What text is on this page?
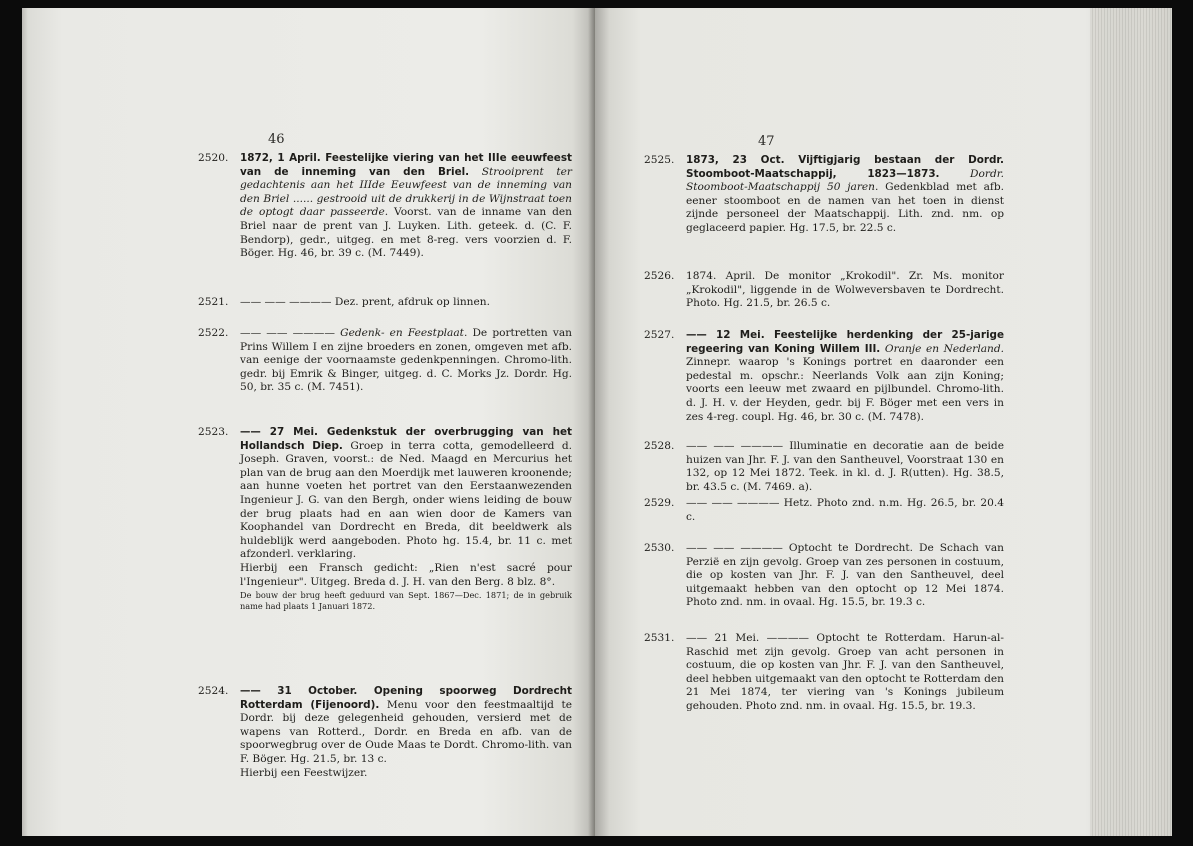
46
2520. 1872, 1 April. Feestelijke viering van het IIIe eeuwfeest van de inneming van den Briel. Strooiprent ter gedachtenis aan het IIIde Eeuwfeest van de inneming van den Briel ...... gestrooid uit de drukkerij in de Wijnstraat toen de optogt daar passeerde. Voorst. van de inname van den Briel naar de prent van J. Luyken. Lith. geteek. d. (C. F. Bendorp), gedr., uitgeg. en met 8-reg. vers voorzien d. F. Böger. Hg. 46, br. 39 c. (M. 7449).
2521. —— —— ———— Dez. prent, afdruk op linnen.
2522. —— —— ———— Gedenk- en Feestplaat. De portretten van Prins Willem I en zijne broeders en zonen, omgeven met afb. van eenige der voornaamste gedenkpenningen. Chromo-lith. gedr. bij Emrik & Binger, uitgeg. d. C. Morks Jz. Dordr. Hg. 50, br. 35 c. (M. 7451).
2523. —— 27 Mei. Gedenkstuk der overbrugging van het Hollandsch Diep. Groep in terra cotta, gemodelleerd d. Joseph. Graven, voorst.: de Ned. Maagd en Mercurius het plan van de brug aan den Moerdijk met lauweren kroonende; aan hunne voeten het portret van den Eerstaanwezenden Ingenieur J. G. van den Bergh, onder wiens leiding de bouw der brug plaats had en aan wien door de Kamers van Koophandel van Dordrecht en Breda, dit beeldwerk als huldeblijk werd aangeboden. Photo hg. 15.4, br. 11 c. met afzonderl. verklaring.
Hierbij een Fransch gedicht: „Rien n'est sacré pour l'Ingenieur". Uitgeg. Breda d. J. H. van den Berg. 8 blz. 8°.
De bouw der brug heeft geduurd van Sept. 1867—Dec. 1871; de in gebruik name had plaats 1 Januari 1872.
2524. —— 31 October. Opening spoorweg Dordrecht Rotterdam (Fijenoord). Menu voor den feestmaaltijd te Dordr. bij deze gelegenheid gehouden, versierd met de wapens van Rotterd., Dordr. en Breda en afb. van de spoorwegbrug over de Oude Maas te Dordt. Chromo-lith. van F. Böger. Hg. 21.5, br. 13 c.
Hierbij een Feestwijzer.
47
2525. 1873, 23 Oct. Vijftigjarig bestaan der Dordr. Stoomboot-Maatschappij, 1823—1873.	Dordr. Stoomboot-Maatschappij 50 jaren. Gedenkblad met afb. eener stoomboot en de namen van het toen in dienst zijnde personeel der Maatschappij. Lith. znd. nm. op geglaceerd papier. Hg. 17.5, br. 22.5 c.
2526. 1874. April. De monitor „Krokodil". Zr. Ms. monitor „Krokodil", liggende in de Wolweversbaven te Dordrecht. Photo. Hg. 21.5, br. 26.5 c.
2527. —— 12 Mei. Feestelijke herdenking der 25-jarige regeering van Koning Willem III. Oranje en Nederland. Zinnepr. waarop 's Konings portret en daaronder een pedestal m. opschr.: Neerlands Volk aan zijn Koning; voorts een leeuw met zwaard en pijlbundel. Chromo-lith. d. J. H. v. der Heyden, gedr. bij F. Böger met een vers in zes 4-reg. coupl. Hg. 46, br. 30 c. (M. 7478).
2528. —— —— ———— Illuminatie en decoratie aan de beide huizen van Jhr. F. J. van den Santheuvel, Voorstraat 130 en 132, op 12 Mei 1872. Teek. in kl. d. J. R(utten). Hg. 38.5, br. 43.5 c. (M. 7469. a).
2529. —— —— ———— Hetz. Photo znd. n.m. Hg. 26.5, br. 20.4 c.
2530. —— —— ———— Optocht te Dordrecht. De Schach van Perzië en zijn gevolg. Groep van zes personen in costuum, die op kosten van Jhr. F. J. van den Santheuvel, deel uitgemaakt hebben van den optocht op 12 Mei 1874. Photo znd. nm. in ovaal. Hg. 15.5, br. 19.3 c.
2531. —— 21 Mei. ———— Optocht te Rotterdam. Harun-al-Raschid met zijn gevolg. Groep van acht personen in costuum, die op kosten van Jhr. F. J. van den Santheuvel, deel hebben uitgemaakt van den optocht te Rotterdam den 21 Mei 1874, ter viering van 's Konings jubileum gehouden. Photo znd. nm. in ovaal. Hg. 15.5, br. 19.3.
